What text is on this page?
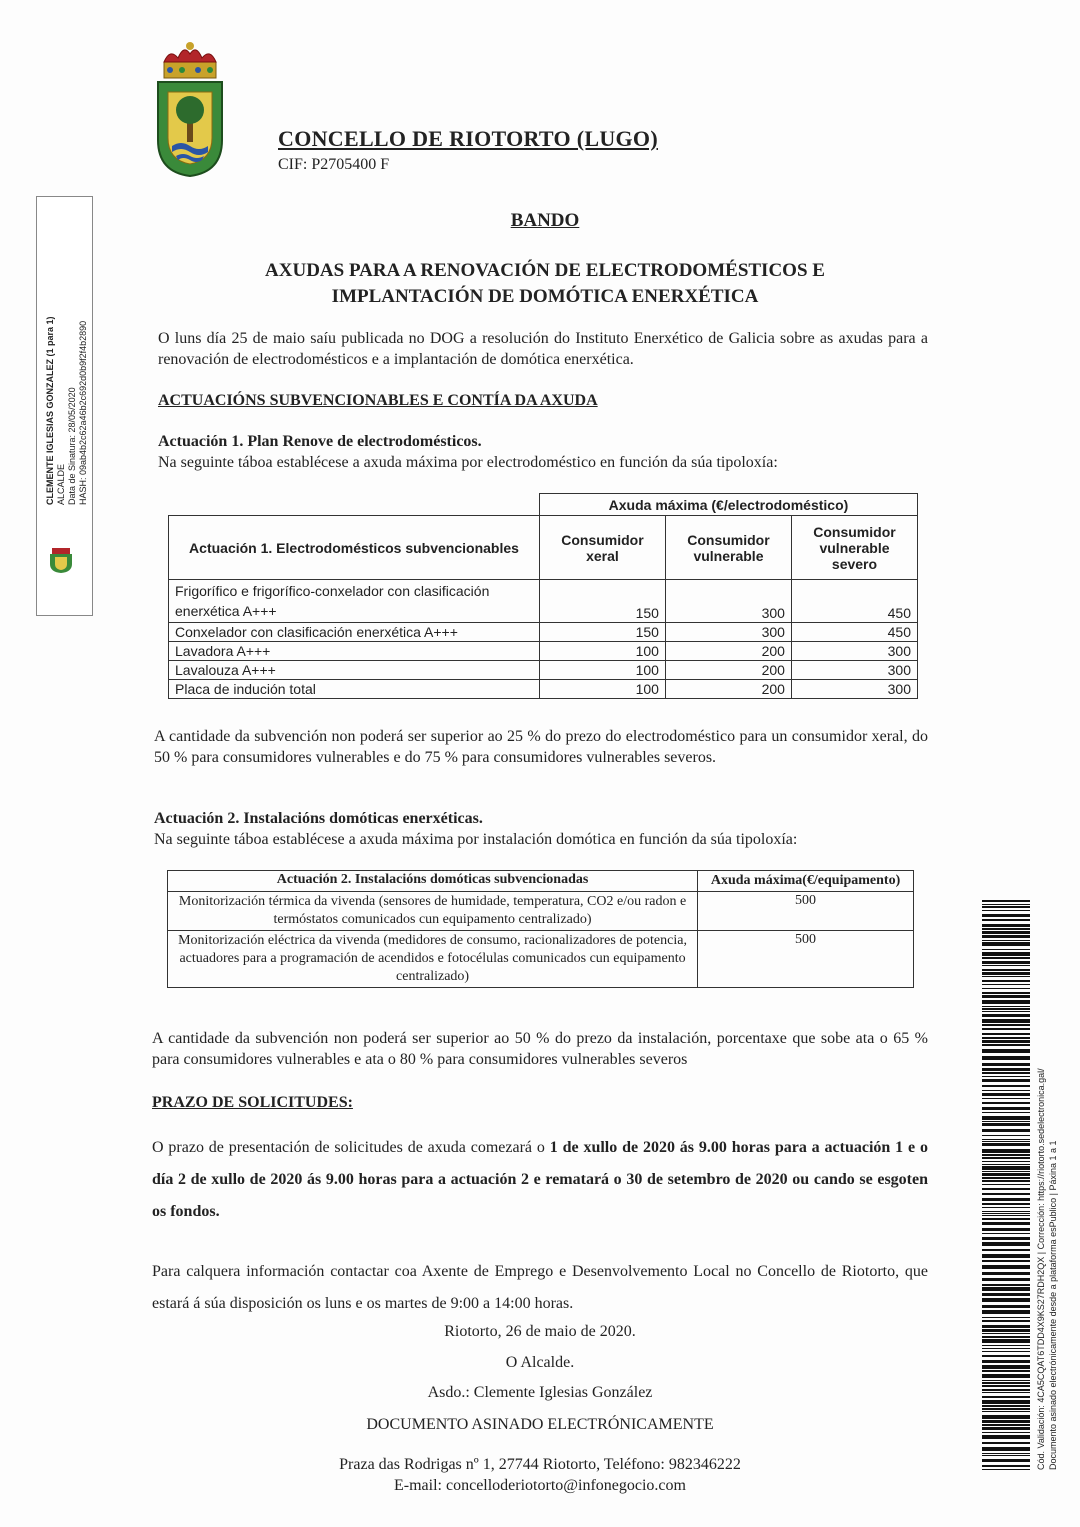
CONCELLO DE RIOTORTO (LUGO)
CIF: P2705400 F
CLEMENTE IGLESIAS GONZALEZ (1 para 1) ALCALDE Data de Sinatura: 28/05/2020 HASH: 09ab4b2c62a46b2c692d0b9f2f4b2890
Cód. Validación: 4CA5CQAT6TDD4X9KS27RDH2QX | Corrección: https://riotorto.sedelectronica.gal/ Documento asinado electrónicamente desde a plataforma esPublico | Páxina 1 a 1
BANDO
AXUDAS PARA A RENOVACIÓN DE ELECTRODOMÉSTICOS E
IMPLANTACIÓN DE DOMÓTICA ENERXÉTICA
O luns día 25 de maio saíu publicada no DOG a resolución do Instituto Enerxético de Galicia sobre as axudas para a renovación de electrodomésticos e a implantación de domótica enerxética.
ACTUACIÓNS SUBVENCIONABLES E CONTÍA DA AXUDA
Actuación 1. Plan Renove de electrodomésticos.
Na seguinte táboa establécese a axuda máxima por electrodoméstico en función da súa tipoloxía:
	Axuda máxima (€/electrodoméstico)		
Actuación 1. Electrodomésticos subvencionables	Consumidor xeral	Consumidor vulnerable	Consumidor vulnerable severo
Frigorífico e frigorífico-conxelador con clasificación enerxética A+++	150	300	450
Conxelador con clasificación enerxética A+++	150	300	450
Lavadora A+++	100	200	300
Lavalouza A+++	100	200	300
Placa de indución total	100	200	300
A cantidade da subvención non poderá ser superior ao 25 % do prezo do electrodoméstico para un consumidor xeral, do 50 % para consumidores vulnerables e do 75 % para consumidores vulnerables severos.
Actuación 2. Instalacións domóticas enerxéticas.
Na seguinte táboa establécese a axuda máxima por instalación domótica en función da súa tipoloxía:
Actuación 2. Instalacións domóticas subvencionadas	Axuda máxima(€/equipamento)
Monitorización térmica da vivenda (sensores de humidade, temperatura, CO2 e/ou radon e termóstatos comunicados cun equipamento centralizado)	500
Monitorización eléctrica da vivenda (medidores de consumo, racionalizadores de potencia, actuadores para a programación de acendidos e fotocélulas comunicados cun equipamento centralizado)	500
A cantidade da subvención non poderá ser superior ao 50 % do prezo da instalación, porcentaxe que sobe ata o 65 % para consumidores vulnerables e ata o 80 % para consumidores vulnerables severos
PRAZO DE SOLICITUDES:
O prazo de presentación de solicitudes de axuda comezará o 1 de xullo de 2020 ás 9.00 horas para a actuación 1 e o día 2 de xullo de 2020 ás 9.00 horas para a actuación 2 e rematará o 30 de setembro de 2020 ou cando se esgoten os fondos.
Para calquera información contactar coa Axente de Emprego e Desenvolvemento Local no Concello de Riotorto, que estará á súa disposición os luns e os martes de 9:00 a 14:00 horas.
Riotorto, 26 de maio de 2020.
O Alcalde.
Asdo.: Clemente Iglesias González
DOCUMENTO ASINADO ELECTRÓNICAMENTE
Praza das Rodrigas nº 1, 27744 Riotorto, Teléfono: 982346222
E-mail: concelloderiotorto@infonegocio.com
